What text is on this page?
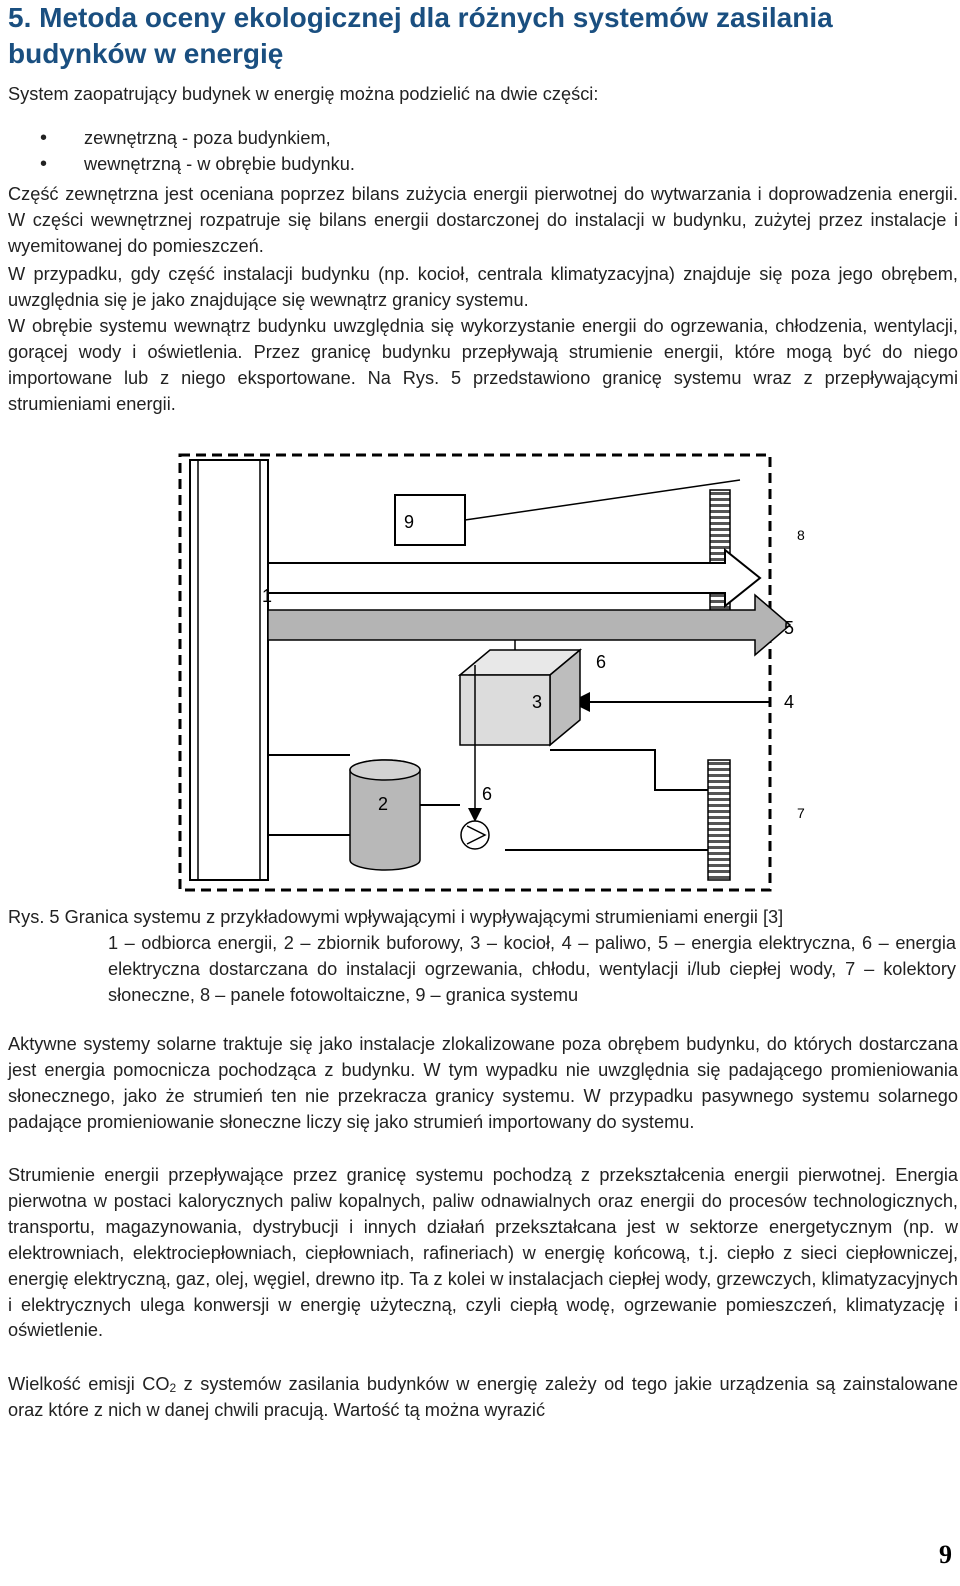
5. Metoda oceny ekologicznej dla różnych systemów zasilania budynków w energię
System zaopatrujący budynek w energię można podzielić na dwie części:
• zewnętrzną - poza budynkiem,
• wewnętrzną - w obrębie budynku.
Część zewnętrzna jest oceniana poprzez bilans zużycia energii pierwotnej do wytwarzania i doprowadzenia energii. W części wewnętrznej rozpatruje się bilans energii dostarczonej do instalacji w budynku, zużytej przez instalacje i wyemitowanej do pomieszczeń.
W przypadku, gdy część instalacji budynku (np. kocioł, centrala klimatyzacyjna) znajduje się poza jego obrębem, uwzględnia się je jako znajdujące się wewnątrz granicy systemu.
W obrębie systemu wewnątrz budynku uwzględnia się wykorzystanie energii do ogrzewania, chłodzenia, wentylacji, gorącej wody i oświetlenia. Przez granicę budynku przepływają strumienie energii, które mogą być do niego importowane lub z niego eksportowane. Na Rys. 5 przedstawiono granicę systemu wraz z przepływającymi strumieniami energii.
1
2
3	4
5
6
6
7
8
9
Rys. 5 Granica systemu z przykładowymi wpływającymi i wypływającymi strumieniami energii [3]
1 – odbiorca energii, 2 – zbiornik buforowy, 3 – kocioł, 4 – paliwo, 5 – energia elektryczna, 6 – energia elektryczna dostarczana do instalacji ogrzewania, chłodu, wentylacji i/lub ciepłej wody, 7 – kolektory słoneczne, 8 – panele fotowoltaiczne, 9 – granica systemu
Aktywne systemy solarne traktuje się jako instalacje zlokalizowane poza obrębem budynku, do których dostarczana jest energia pomocnicza pochodząca z budynku. W tym wypadku nie uwzględnia się padającego promieniowania słonecznego, jako że strumień ten nie przekracza granicy systemu. W przypadku pasywnego systemu solarnego padające promieniowanie słoneczne liczy się jako strumień importowany do systemu.
Strumienie energii przepływające przez granicę systemu pochodzą z przekształcenia energii pierwotnej. Energia pierwotna w postaci kalorycznych paliw kopalnych, paliw odnawialnych oraz energii do procesów technologicznych, transportu, magazynowania, dystrybucji i innych działań przekształcana jest w sektorze energetycznym (np. w elektrowniach, elektrociepłowniach, ciepłowniach, rafineriach) w energię końcową, t.j. ciepło z sieci ciepłowniczej, energię elektryczną, gaz, olej, węgiel, drewno itp. Ta z kolei w instalacjach ciepłej wody, grzewczych, klimatyzacyjnych i elektrycznych ulega konwersji w energię użyteczną, czyli ciepłą wodę, ogrzewanie pomieszczeń, klimatyzację i oświetlenie.
Wielkość emisji $CO_2$ z systemów zasilania budynków w energię zależy od tego jakie urządzenia są zainstalowane oraz które z nich w danej chwili pracują. Wartość tą można wyrazić
9
